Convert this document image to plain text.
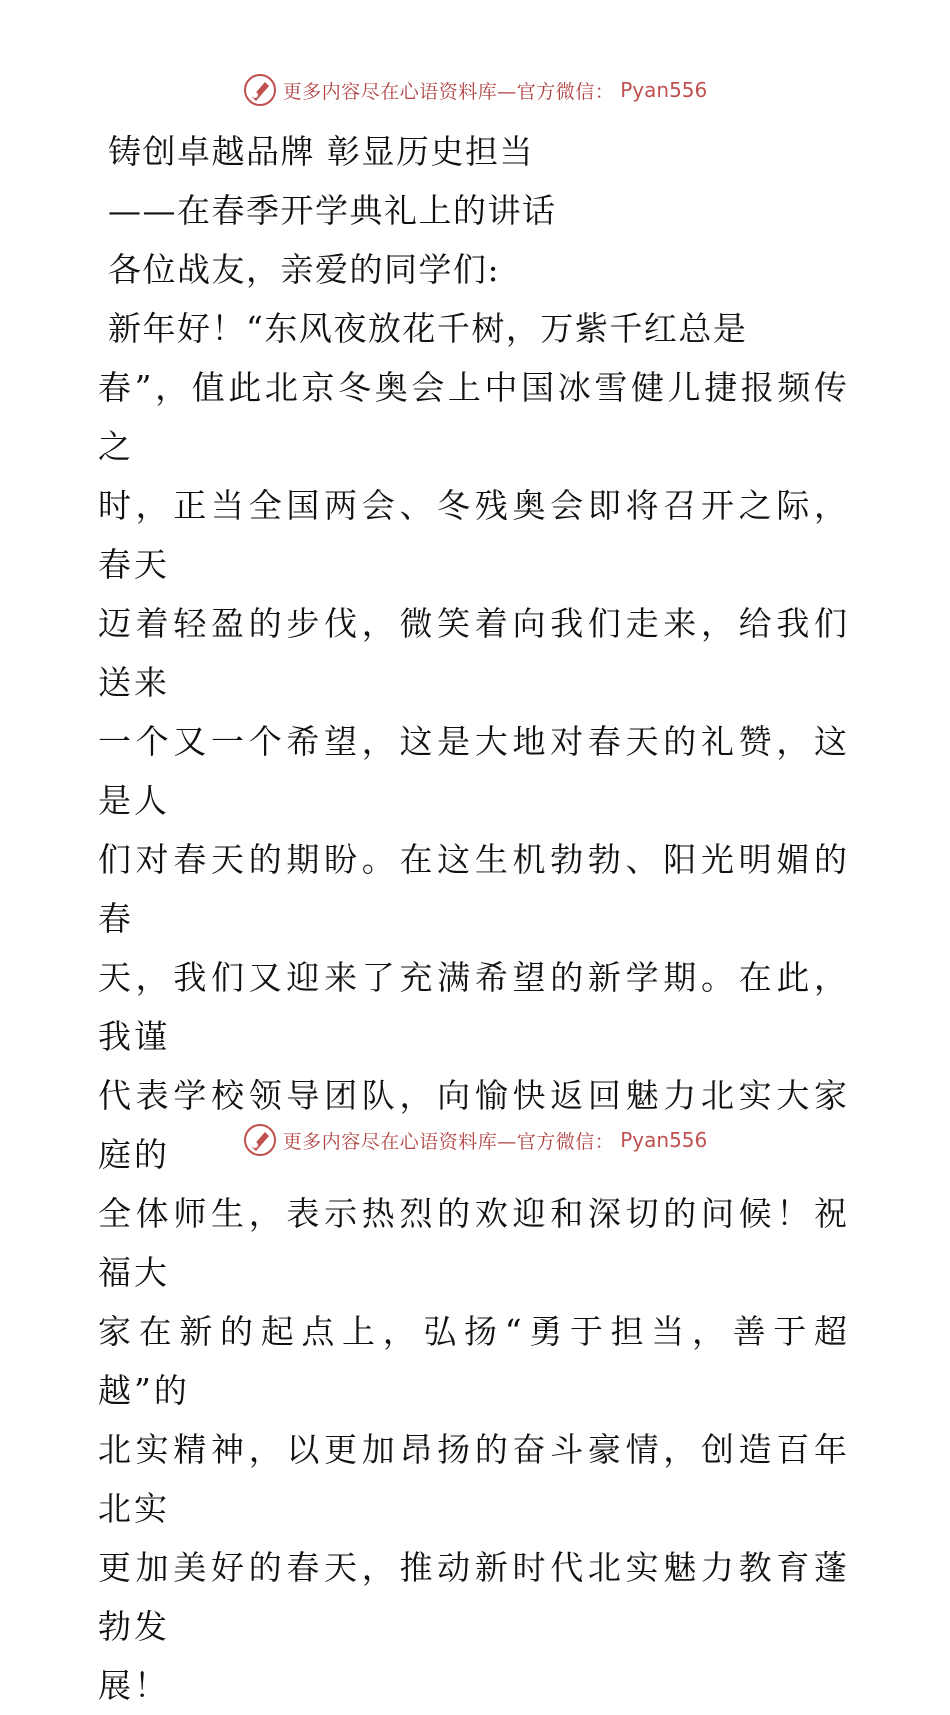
更多内容尽在心语资料库—官方微信： Pyan556

铸创卓越品牌 彰显历史担当

——在春季开学典礼上的讲话

各位战友，亲爱的同学们:

新年好！“东风夜放花千树，万紫千红总是

春”，值此北京冬奥会上中国冰雪健儿捷报频传之

时，正当全国两会、冬残奥会即将召开之际，春天

迈着轻盈的步伐，微笑着向我们走来，给我们送来

一个又一个希望，这是大地对春天的礼赞，这是人

们对春天的期盼。在这生机勃勃、阳光明媚的春

天，我们又迎来了充满希望的新学期。在此，我谨

代表学校领导团队，向愉快返回魅力北实大家庭的

全体师生，表示热烈的欢迎和深切的问候！祝福大

家在新的起点上，弘扬“勇于担当，善于超越”的

北实精神，以更加昂扬的奋斗豪情，创造百年北实

更加美好的春天，推动新时代北实魅力教育蓬勃发

展！

更多内容尽在心语资料库—官方微信： Pyan556
